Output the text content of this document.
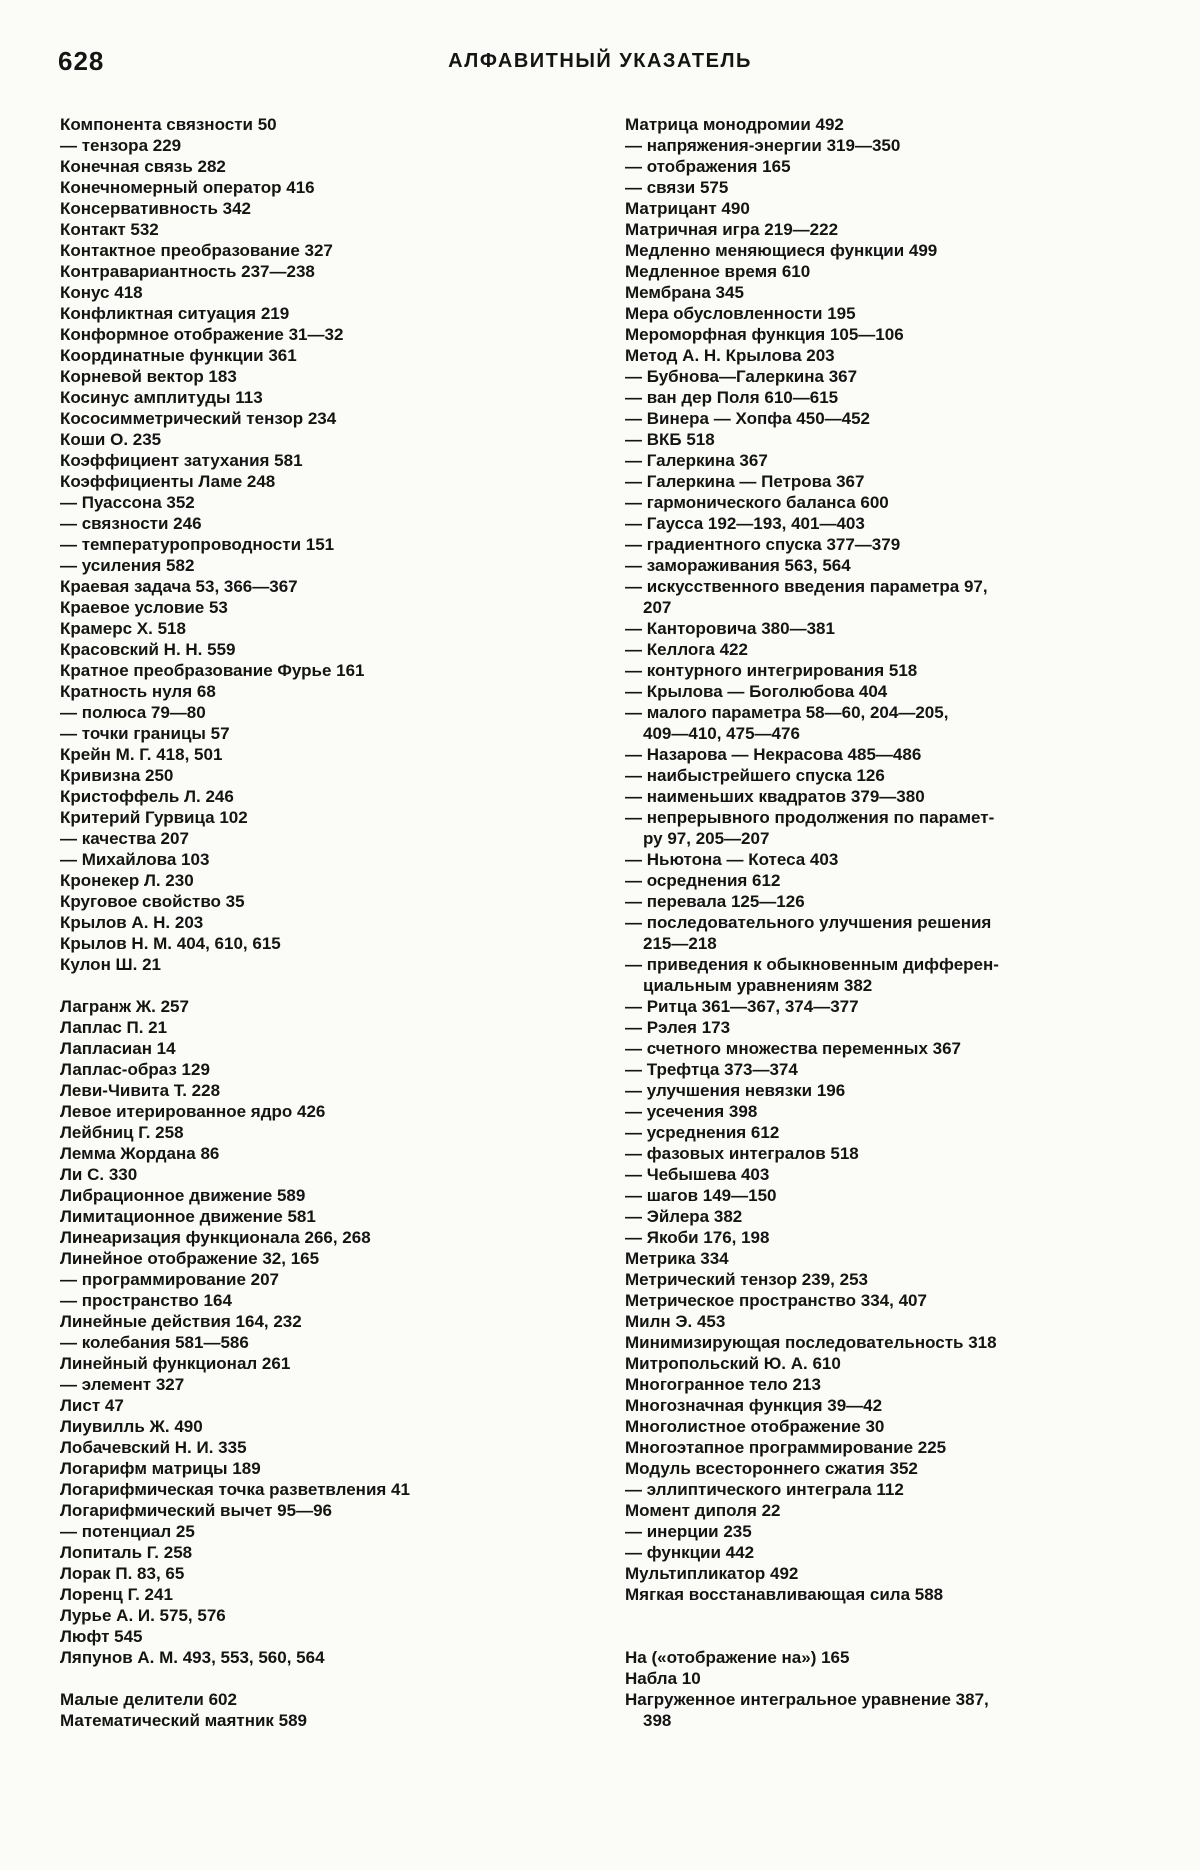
628	АЛФАВИТНЫЙ УКАЗАТЕЛЬ
Компонента связности 50
— тензора 229
Конечная связь 282
Конечномерный оператор 416
Консервативность 342
Контакт 532
Контактное преобразование 327
Контравариантность 237—238
Конус 418
Конфликтная ситуация 219
Конформное отображение 31—32
Координатные функции 361
Корневой вектор 183
Косинус амплитуды 113
Кососимметрический тензор 234
Коши О. 235
Коэффициент затухания 581
Коэффициенты Ламе 248
— Пуассона 352
— связности 246
— температуропроводности 151
— усиления 582
Краевая задача 53, 366—367
Краевое условие 53
Крамерс Х. 518
Красовский Н. Н. 559
Кратное преобразование Фурье 161
Кратность нуля 68
— полюса 79—80
— точки границы 57
Крейн М. Г. 418, 501
Кривизна 250
Кристоффель Л. 246
Критерий Гурвица 102
— качества 207
— Михайлова 103
Кронекер Л. 230
Круговое свойство 35
Крылов А. Н. 203
Крылов Н. М. 404, 610, 615
Кулон Ш. 21
Лагранж Ж. 257
Лаплас П. 21
Лапласиан 14
Лаплас-образ 129
Леви-Чивита Т. 228
Левое итерированное ядро 426
Лейбниц Г. 258
Лемма Жордана 86
Ли С. 330
Либрационное движение 589
Лимитационное движение 581
Линеаризация функционала 266, 268
Линейное отображение 32, 165
— программирование 207
— пространство 164
Линейные действия 164, 232
— колебания 581—586
Линейный функционал 261
— элемент 327
Лист 47
Лиувилль Ж. 490
Лобачевский Н. И. 335
Логарифм матрицы 189
Логарифмическая точка разветвления 41
Логарифмический вычет 95—96
— потенциал 25
Лопиталь Г. 258
Лорак П. 83, 65
Лоренц Г. 241
Лурье А. И. 575, 576
Люфт 545
Ляпунов А. М. 493, 553, 560, 564
Малые делители 602
Математический маятник 589
Матрица монодромии 492
— напряжения-энергии 319—350
— отображения 165
— связи 575
Матрицант 490
Матричная игра 219—222
Медленно меняющиеся функции 499
Медленное время 610
Мембрана 345
Мера обусловленности 195
Мероморфная функция 105—106
Метод А. Н. Крылова 203
— Бубнова—Галеркина 367
— ван дер Поля 610—615
— Винера — Хопфа 450—452
— ВКБ 518
— Галеркина 367
— Галеркина — Петрова 367
— гармонического баланса 600
— Гаусса 192—193, 401—403
— градиентного спуска 377—379
— замораживания 563, 564
— искусственного введения параметра 97,
207
— Канторовича 380—381
— Келлога 422
— контурного интегрирования 518
— Крылова — Боголюбова 404
— малого параметра 58—60, 204—205,
409—410, 475—476
— Назарова — Некрасова 485—486
— наибыстрейшего спуска 126
— наименьших квадратов 379—380
— непрерывного продолжения по парамет-
ру 97, 205—207
— Ньютона — Котеса 403
— осреднения 612
— перевала 125—126
— последовательного улучшения решения
215—218
— приведения к обыкновенным дифферен-
циальным уравнениям 382
— Ритца 361—367, 374—377
— Рэлея 173
— счетного множества переменных 367
— Трефтца 373—374
— улучшения невязки 196
— усечения 398
— усреднения 612
— фазовых интегралов 518
— Чебышева 403
— шагов 149—150
— Эйлера 382
— Якоби 176, 198
Метрика 334
Метрический тензор 239, 253
Метрическое пространство 334, 407
Милн Э. 453
Минимизирующая последовательность 318
Митропольский Ю. А. 610
Многогранное тело 213
Многозначная функция 39—42
Многолистное отображение 30
Многоэтапное программирование 225
Модуль всестороннего сжатия 352
— эллиптического интеграла 112
Момент диполя 22
— инерции 235
— функции 442
Мультипликатор 492
Мягкая восстанавливающая сила 588
На («отображение на») 165
Набла 10
Нагруженное интегральное уравнение 387,
398
